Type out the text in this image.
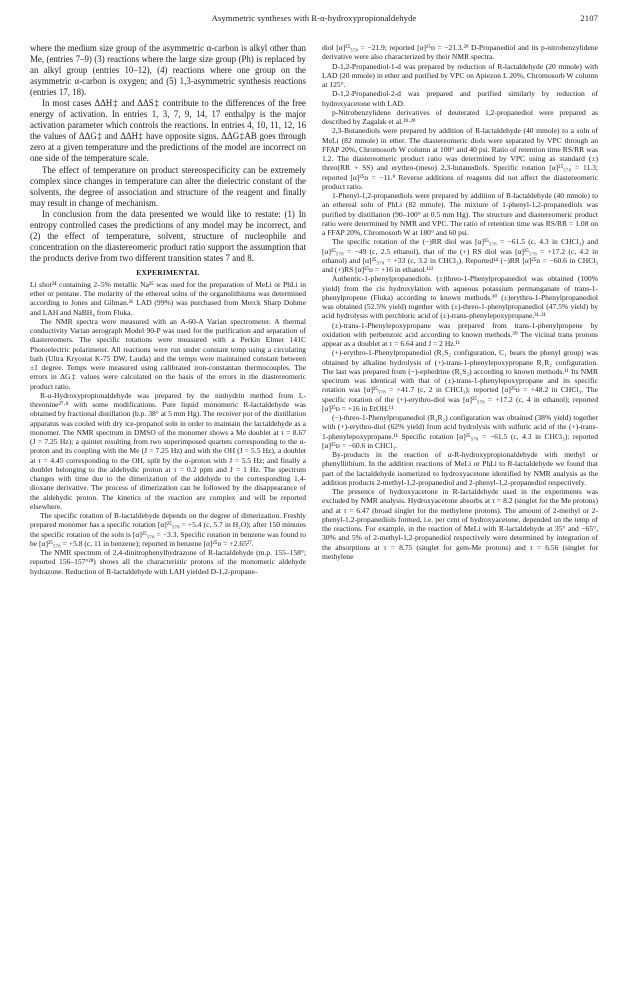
Asymmetric syntheses with R-α-hydroxypropionaldehyde	2107

where the medium size group of the asymmetric α-carbon is alkyl other than Me, (entries 7–9) (3) reactions where the large size group (Ph) is replaced by an alkyl group (entries 10–12), (4) reactions where one group on the asymmetric α-carbon is oxygen; and (5) 1,3-asymmetric synthesis reactions (entries 17, 18).

In most cases ΔΔH‡ and ΔΔS‡ contribute to the differences of the free energy of activation. In entries 1, 3, 7, 9, 14, 17 enthalpy is the major activation parameter which controls the reactions. In entries 4, 10, 11, 12, 16 the values of ΔΔG‡ and ΔΔH‡ have opposite signs. ΔΔG‡AB goes through zero at a given temperature and the predictions of the model are incorrect on one side of the temperature scale.

The effect of temperature on product stereospecificity can be extremely complex since changes in temperature can alter the dielectric constant of the solvents, the degree of association and structure of the reagent and finally may result in change of mechanism.

In conclusion from the data presented we would like to restate: (1) In entropy controlled cases the predictions of any model may be incorrect, and (2) the effect of temperature, solvent, structure of nucleophile and concentration on the diastereomeric product ratio support the assumption that the products derive from two different transition states 7 and 8.

EXPERIMENTAL

Li shot²⁴ containing 2–5% metallic Na²⁵ was used for the preparation of MeLi or PhLi in ether or pentane. The molarity of the ethereal solns of the organolithiums was determined according to Jones and Gilman.²⁶ LAD (99%) was purchased from Merck Sharp Dohme and LAH and NaBH₄ from Fluka.

The NMR spectra were measured with an A-60-A Varian spectrometer. A thermal conductivity Varian aerograph Model 90-P was used for the purification and separation of diastereomers. The specific rotations were measured with a Perkin Elmer 141C Photoelectric polarimeter. All reactions were run under constant temp using a circulating bath (Ultra Kryostat K-75 DW, Lauda) and the temps were maintained constant between ±1 degree. Temps were measured using calibrated iron-constantan thermocouples. The errors in ΔG‡ values were calculated on the basis of the errors in the diastereomeric product ratio.

R-α-Hydroxypropionaldehyde was prepared by the ninhydrin method from L-threonine²⁷·⁸ with some modifications. Pure liquid monomeric R-lactaldehyde was obtained by fractional distillation (b.p. 38° at 5 mm Hg). The receiver pot of the distillation apparatus was cooled with dry ice-propanol soln in order to maintain the lactaldehyde as a monomer. The NMR spectrum in DMSO of the monomer shows a Me doublet at τ = 8.67 (J = 7.25 Hz); a quintet resulting from two superimposed quartets corresponding to the α-proton and its coupling with the Me (J = 7.25 Hz) and with the OH (J = 5.5 Hz), a doublet at τ = 4.45 corresponding to the OH, split by the α-proton with J = 5.5 Hz; and finally a doublet belonging to the aldehydic proton at τ = 0.2 ppm and J = 1 Hz. The spectrum changes with time due to the dimerization of the aldehyde to the corresponding 1,4-dioxane derivative. The process of dimerization can be followed by the disappearance of the aldehydic proton. The kinetics of the reaction are complex and will be reported elsewhere.

The specific rotation of R-lactaldehyde depends on the degree of dimerization. Freshly prepared monomer has a specific rotation [α]²⁵₅₇₈ = +5.4 (c, 5.7 in H₂O); after 150 minutes the specific rotation of the soln is [α]²⁵₅₇₈ = −3.3. Specific rotation in benzene was found to be [α]²⁵₅₇₈ = +5.8 (c, 11 in benzene); reported in benzene [α]²⁵ᴅ = +2.65²⁷.

The NMR spectrum of 2,4-dinitrophenylhydrazone of R-lactaldehyde (m.p. 155–158°; reported 156–157°²⁸) shows all the characteristic protons of the monomeric aldehyde hydrazone. Reduction of R-lactaldehyde with LAH yielded D-1,2-propane-

diol [α]²⁵₅₇₈ = −21.9; reported [α]²⁵ᴅ = −21.3.²⁹ D-Propanediol and its p-nitrobenzylidene derivative were also characterized by their NMR spectra.

D-1,2-Propanediol-1-d was prepared by reduction of R-lactaldehyde (20 mmole) with LAD (20 mmole) in ether and purified by VPC on Apiezon L 20%, Chromosorb W column at 125°.

D-1,2-Propanediol-2-d was prepared and purified similarly by reduction of hydroxyacetone with LAD.

p-Nitrobenzylidene derivatives of deuterated 1,2-propanediol were prepared as described by Zagalak et al.²⁸·²⁹

2,3-Butanediols were prepared by addition of R-lactaldehyde (40 mmole) to a soln of MeLi (82 mmole) in ether. The diastereomeric diols were separated by VPC through an FFAP 20%, Chromosorb W column at 100° and 40 psi. Ratio of retention time RS/RR was 1.2. The diastereomeric product ratio was determined by VPC using as standard (±) threo(RR + SS) and erythro-(meso) 2,3-butanediols. Specific rotation [α]²⁵₅₇₈ = 11.3; reported [α]²⁵ᴅ = −11.⁹ Reverse additions of reagents did not affect the diastereomeric product ratio.

1-Phenyl-1,2-propanediols were prepared by addition of R-lactaldehyde (40 mmole) to an ethereal soln of PhLi (82 mmole). The mixture of 1-phenyl-1,2-propanediols was purified by distillation (90–100° at 0.5 mm Hg). The structure and diastereomeric product ratio were determined by NMR and VPC. The ratio of retention time was RS/RR = 1.08 on a FFAP 20%, Chromosorb W at 180° and 60 psi.

The specific rotation of the (−)RR diol was [α]²⁵₅₇₈ = −61.5 (c, 4.3 in CHCl₃) and [α]²⁵₅₇₈ = −49 (c, 2.5 ethanol), that of the (+) RS diol was [α]²⁵₅₇₈ = +17.2 (c, 4.2 in ethanol) and [α]²⁵₅₇₈ = +33 (c, 3.2 in CHCl₃). Reported¹⁴ (−)RR [α]²⁵ᴅ = −60.6 in CHCl₃ and (+)RS [α]²⁵ᴅ = +16 in ethanol.¹¹²

Authentic-1-phenylpropanediols. (±)threo-1-Phenylpropanediol was obtained (100% yield) from the cis hydroxylation with aqueous potassium permanganate of trans-1-phenylpropene (Fluka) according to known methods.³⁰ (±)erythro-1-Phenylpropanediol was obtained (52.5% yield) together with (±)-threo-1-phenylpropanediol (47.5% yield) by acid hydrolysis with perchloric acid of (±)-trans-phenylepoxypropane.³¹·³¹

(±)-trans-1-Phenylepoxypropane was prepared from trans-1-phenylpropene by oxidation with perbenzoic acid according to known methods.³⁰ The vicinal trans protons appear as a doublet at τ = 6.64 and J = 2 Hz.¹¹

(+)-erythro-1-Phenylpropanediol (R₁S₂ configuration, C₁ bears the phenyl group) was obtained by alkaline hydrolysis of (+)-trans-1-phenylepoxypropane R₁R₂ configuration. The last was prepared from (−)-ephedrine (R₁S₂) according to known methods.¹¹ Its NMR spectrum was identical with that of (±)-trans-1-phenylepoxypropane and its specific rotation was [α]²⁵₅₇₈ = +41.7 (c, 2 in CHCl₃); reported [α]²⁵ᴅ = +48.2 in CHCl₃. The specific rotation of the (+)-erythro-diol was [α]²⁵₅₇₈ = +17.2 (c, 4 in ethanol); reported [α]²⁵ᴅ = +16 in EtOH.¹¹

(−)-threo-1-Phenylpropanediol (R₁R₂) configuration was obtained (38% yield) together with (+)-erythro-diol (62% yield) from acid hydrolysis with sulfuric acid of the (+)-trans-1-phenylepoxypropane.¹¹ Specific rotation [α]²⁵₅₇₈ = −61.5 (c, 4.3 in CHCl₃); reported [α]²⁵ᴅ = −60.6 in CHCl₃.

By-products in the reaction of α-R-hydroxypropionaldehyde with methyl or phenyllithium. In the addition reactions of MeLi or PhLi to R-lactaldehyde we found that part of the lactaldehyde isomerized to hydroxyacetone identified by NMR analysis as the addition products 2-methyl-1,2-propanediol and 2-phenyl-1,2-propanediol respectively.

The presence of hydroxyacetone in R-lactaldehyde used in the experiments was excluded by NMR analysis. Hydroxyacetone absorbs at τ = 8.2 (singlet for the Me protons) and at τ = 6.47 (broad singlet for the methylene protons). The amount of 2-methyl or 2-phenyl-1,2-propanediols formed, i.e. per cent of hydroxyacetone, depended on the temp of the reactions. For example, in the reaction of MeLi with R-lactaldehyde at 35° and −65°, 30% and 5% of 2-methyl-1,2-propanediol respectively were determined by integration of the absorptions at τ = 8.75 (singlet for gem-Me protons) and τ = 6.56 (singlet for methylene
